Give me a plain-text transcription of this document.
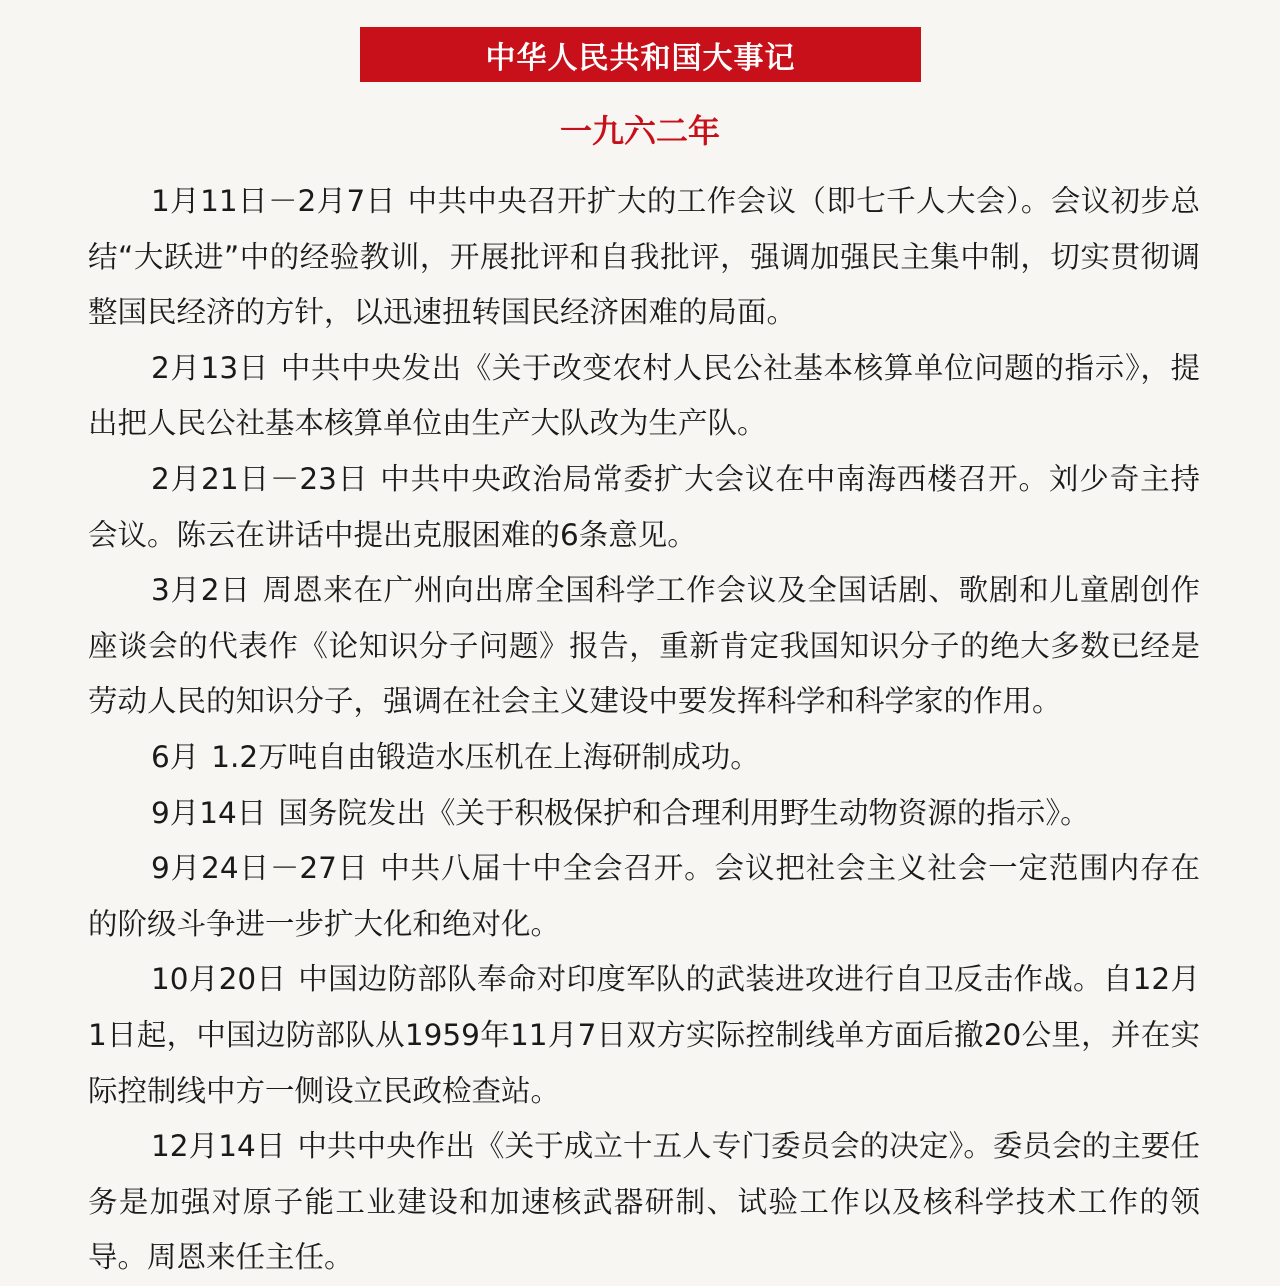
中华人民共和国大事记
一九六二年

1月11日－2月7日 中共中央召开扩大的工作会议（即七千人大会）。会议初步总结“大跃进”中的经验教训，开展批评和自我批评，强调加强民主集中制，切实贯彻调整国民经济的方针，以迅速扭转国民经济困难的局面。

2月13日 中共中央发出《关于改变农村人民公社基本核算单位问题的指示》，提出把人民公社基本核算单位由生产大队改为生产队。

2月21日－23日 中共中央政治局常委扩大会议在中南海西楼召开。刘少奇主持会议。陈云在讲话中提出克服困难的6条意见。

3月2日 周恩来在广州向出席全国科学工作会议及全国话剧、歌剧和儿童剧创作座谈会的代表作《论知识分子问题》报告，重新肯定我国知识分子的绝大多数已经是劳动人民的知识分子，强调在社会主义建设中要发挥科学和科学家的作用。

6月 1.2万吨自由锻造水压机在上海研制成功。

9月14日 国务院发出《关于积极保护和合理利用野生动物资源的指示》。

9月24日－27日 中共八届十中全会召开。会议把社会主义社会一定范围内存在的阶级斗争进一步扩大化和绝对化。

10月20日 中国边防部队奉命对印度军队的武装进攻进行自卫反击作战。自12月1日起，中国边防部队从1959年11月7日双方实际控制线单方面后撤20公里，并在实际控制线中方一侧设立民政检查站。

12月14日 中共中央作出《关于成立十五人专门委员会的决定》。委员会的主要任务是加强对原子能工业建设和加速核武器研制、试验工作以及核科学技术工作的领导。周恩来任主任。
